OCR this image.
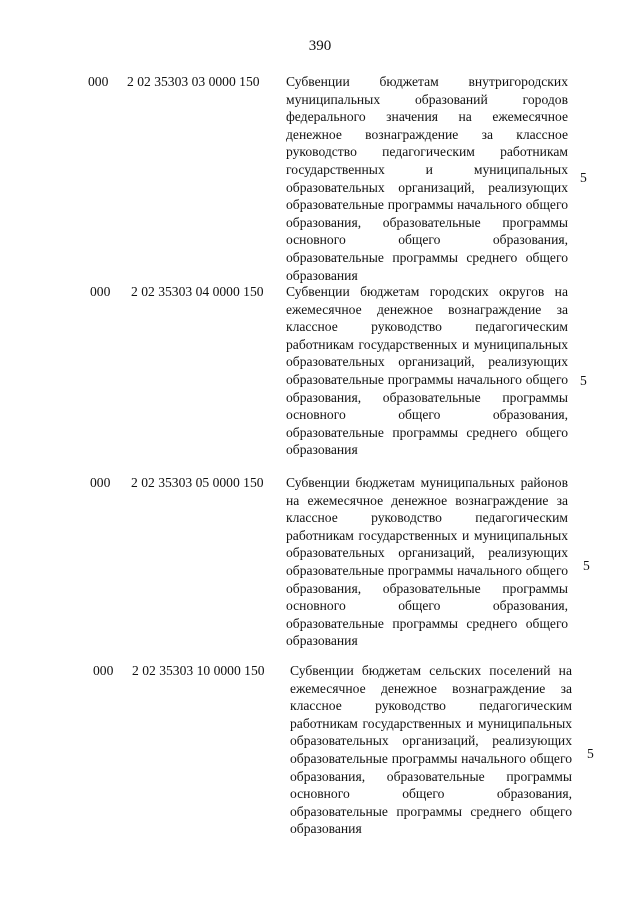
390
000 2 02 35303 03 0000 150 Субвенции бюджетам внутригородских муниципальных образований городов федерального значения на ежемесячное денежное вознаграждение за классное руководство педагогическим работникам государственных и муниципальных образовательных организаций, реализующих образовательные программы начального общего образования, образовательные программы основного общего образования, образовательные программы среднего общего образования
5
000 2 02 35303 04 0000 150 Субвенции бюджетам городских округов на ежемесячное денежное вознаграждение за классное руководство педагогическим работникам государственных и муниципальных образовательных организаций, реализующих образовательные программы начального общего образования, образовательные программы основного общего образования, образовательные программы среднего общего образования
5
000 2 02 35303 05 0000 150 Субвенции бюджетам муниципальных районов на ежемесячное денежное вознаграждение за классное руководство педагогическим работникам государственных и муниципальных образовательных организаций, реализующих образовательные программы начального общего образования, образовательные программы основного общего образования, образовательные программы среднего общего образования
5
000 2 02 35303 10 0000 150 Субвенции бюджетам сельских поселений на ежемесячное денежное вознаграждение за классное руководство педагогическим работникам государственных и муниципальных образовательных организаций, реализующих образовательные программы начального общего образования, образовательные программы основного общего образования, образовательные программы среднего общего образования
5
